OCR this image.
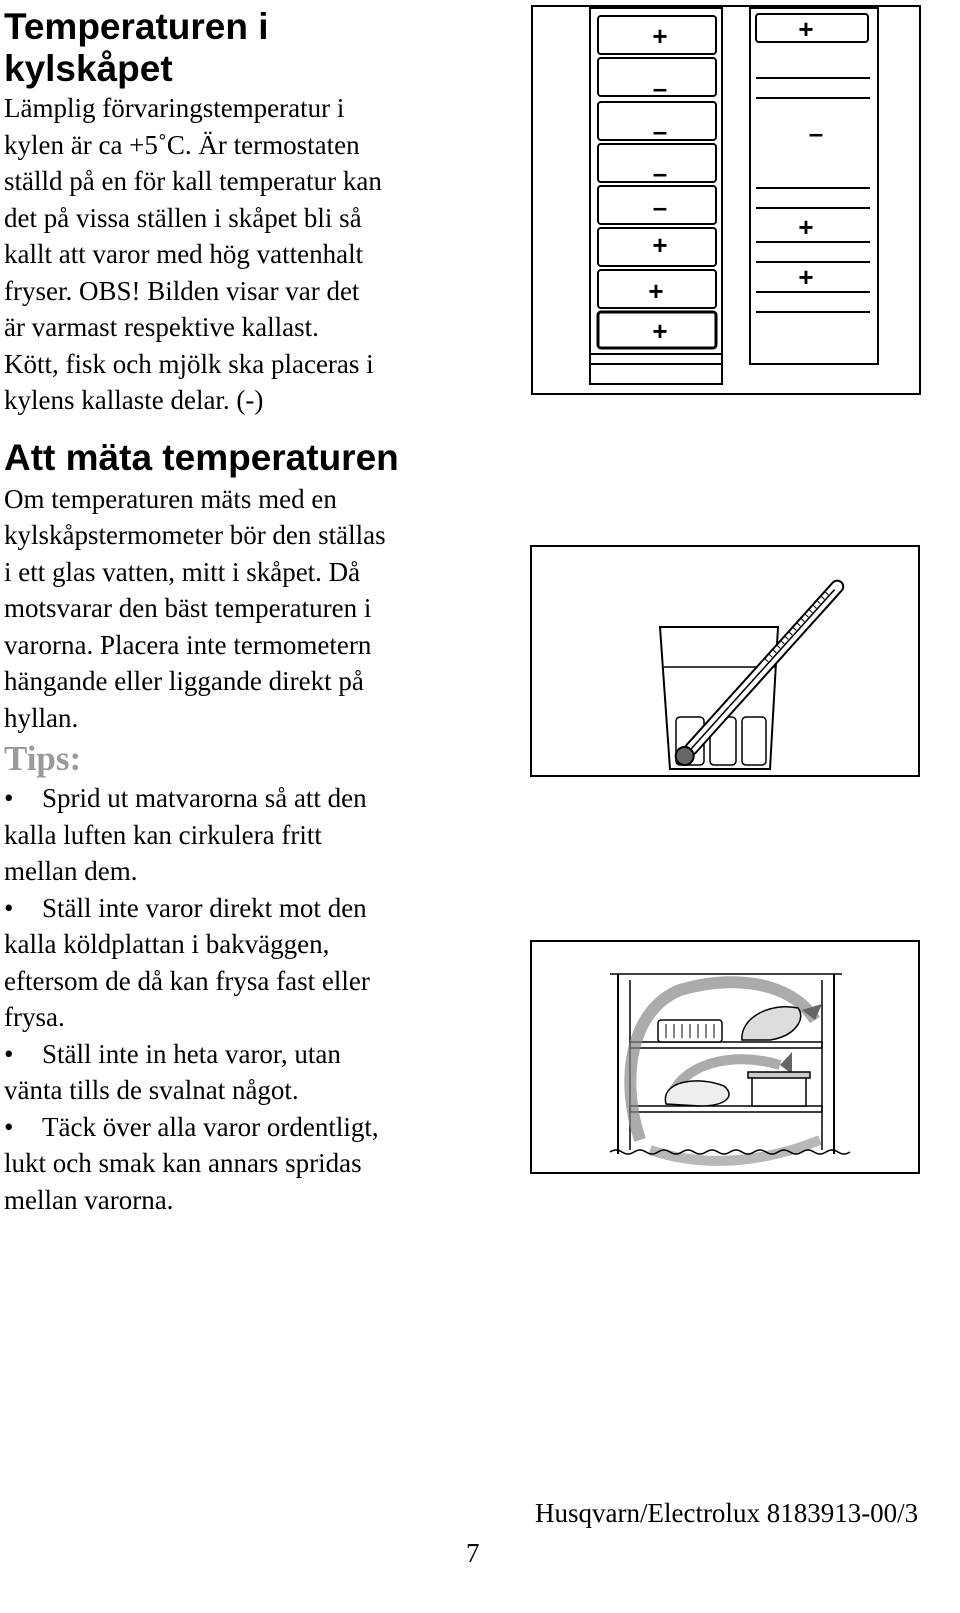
Temperaturen i
kylskåpet

Lämplig förvaringstemperatur i

kylen är ca +5˚C. Är termostaten

ställd på en för kall temperatur kan

det på vissa ställen i skåpet bli så

kallt att varor med hög vattenhalt

fryser. OBS! Bilden visar var det

är varmast respektive kallast.

Kött, fisk och mjölk ska placeras i

kylens kallaste delar. (-)

Att mäta temperaturen

Om temperaturen mäts med en

kylskåpstermometer bör den ställas

i ett glas vatten, mitt i skåpet. Då

motsvarar den bäst temperaturen i

varorna. Placera inte termometern

hängande eller liggande direkt på

hyllan.

Tips:

• Sprid ut matvarorna så att den

kalla luften kan cirkulera fritt

mellan dem.

• Ställ inte varor direkt mot den

kalla köldplattan i bakväggen,

eftersom de då kan frysa fast eller

frysa.

• Ställ inte in heta varor, utan

vänta tills de svalnat något.

• Täck över alla varor ordentligt,

lukt och smak kan annars spridas

mellan varorna.

+
–
–
–
–
+
+
+
+
–
+
+
Husqvarn/Electrolux 8183913-00/3
7
